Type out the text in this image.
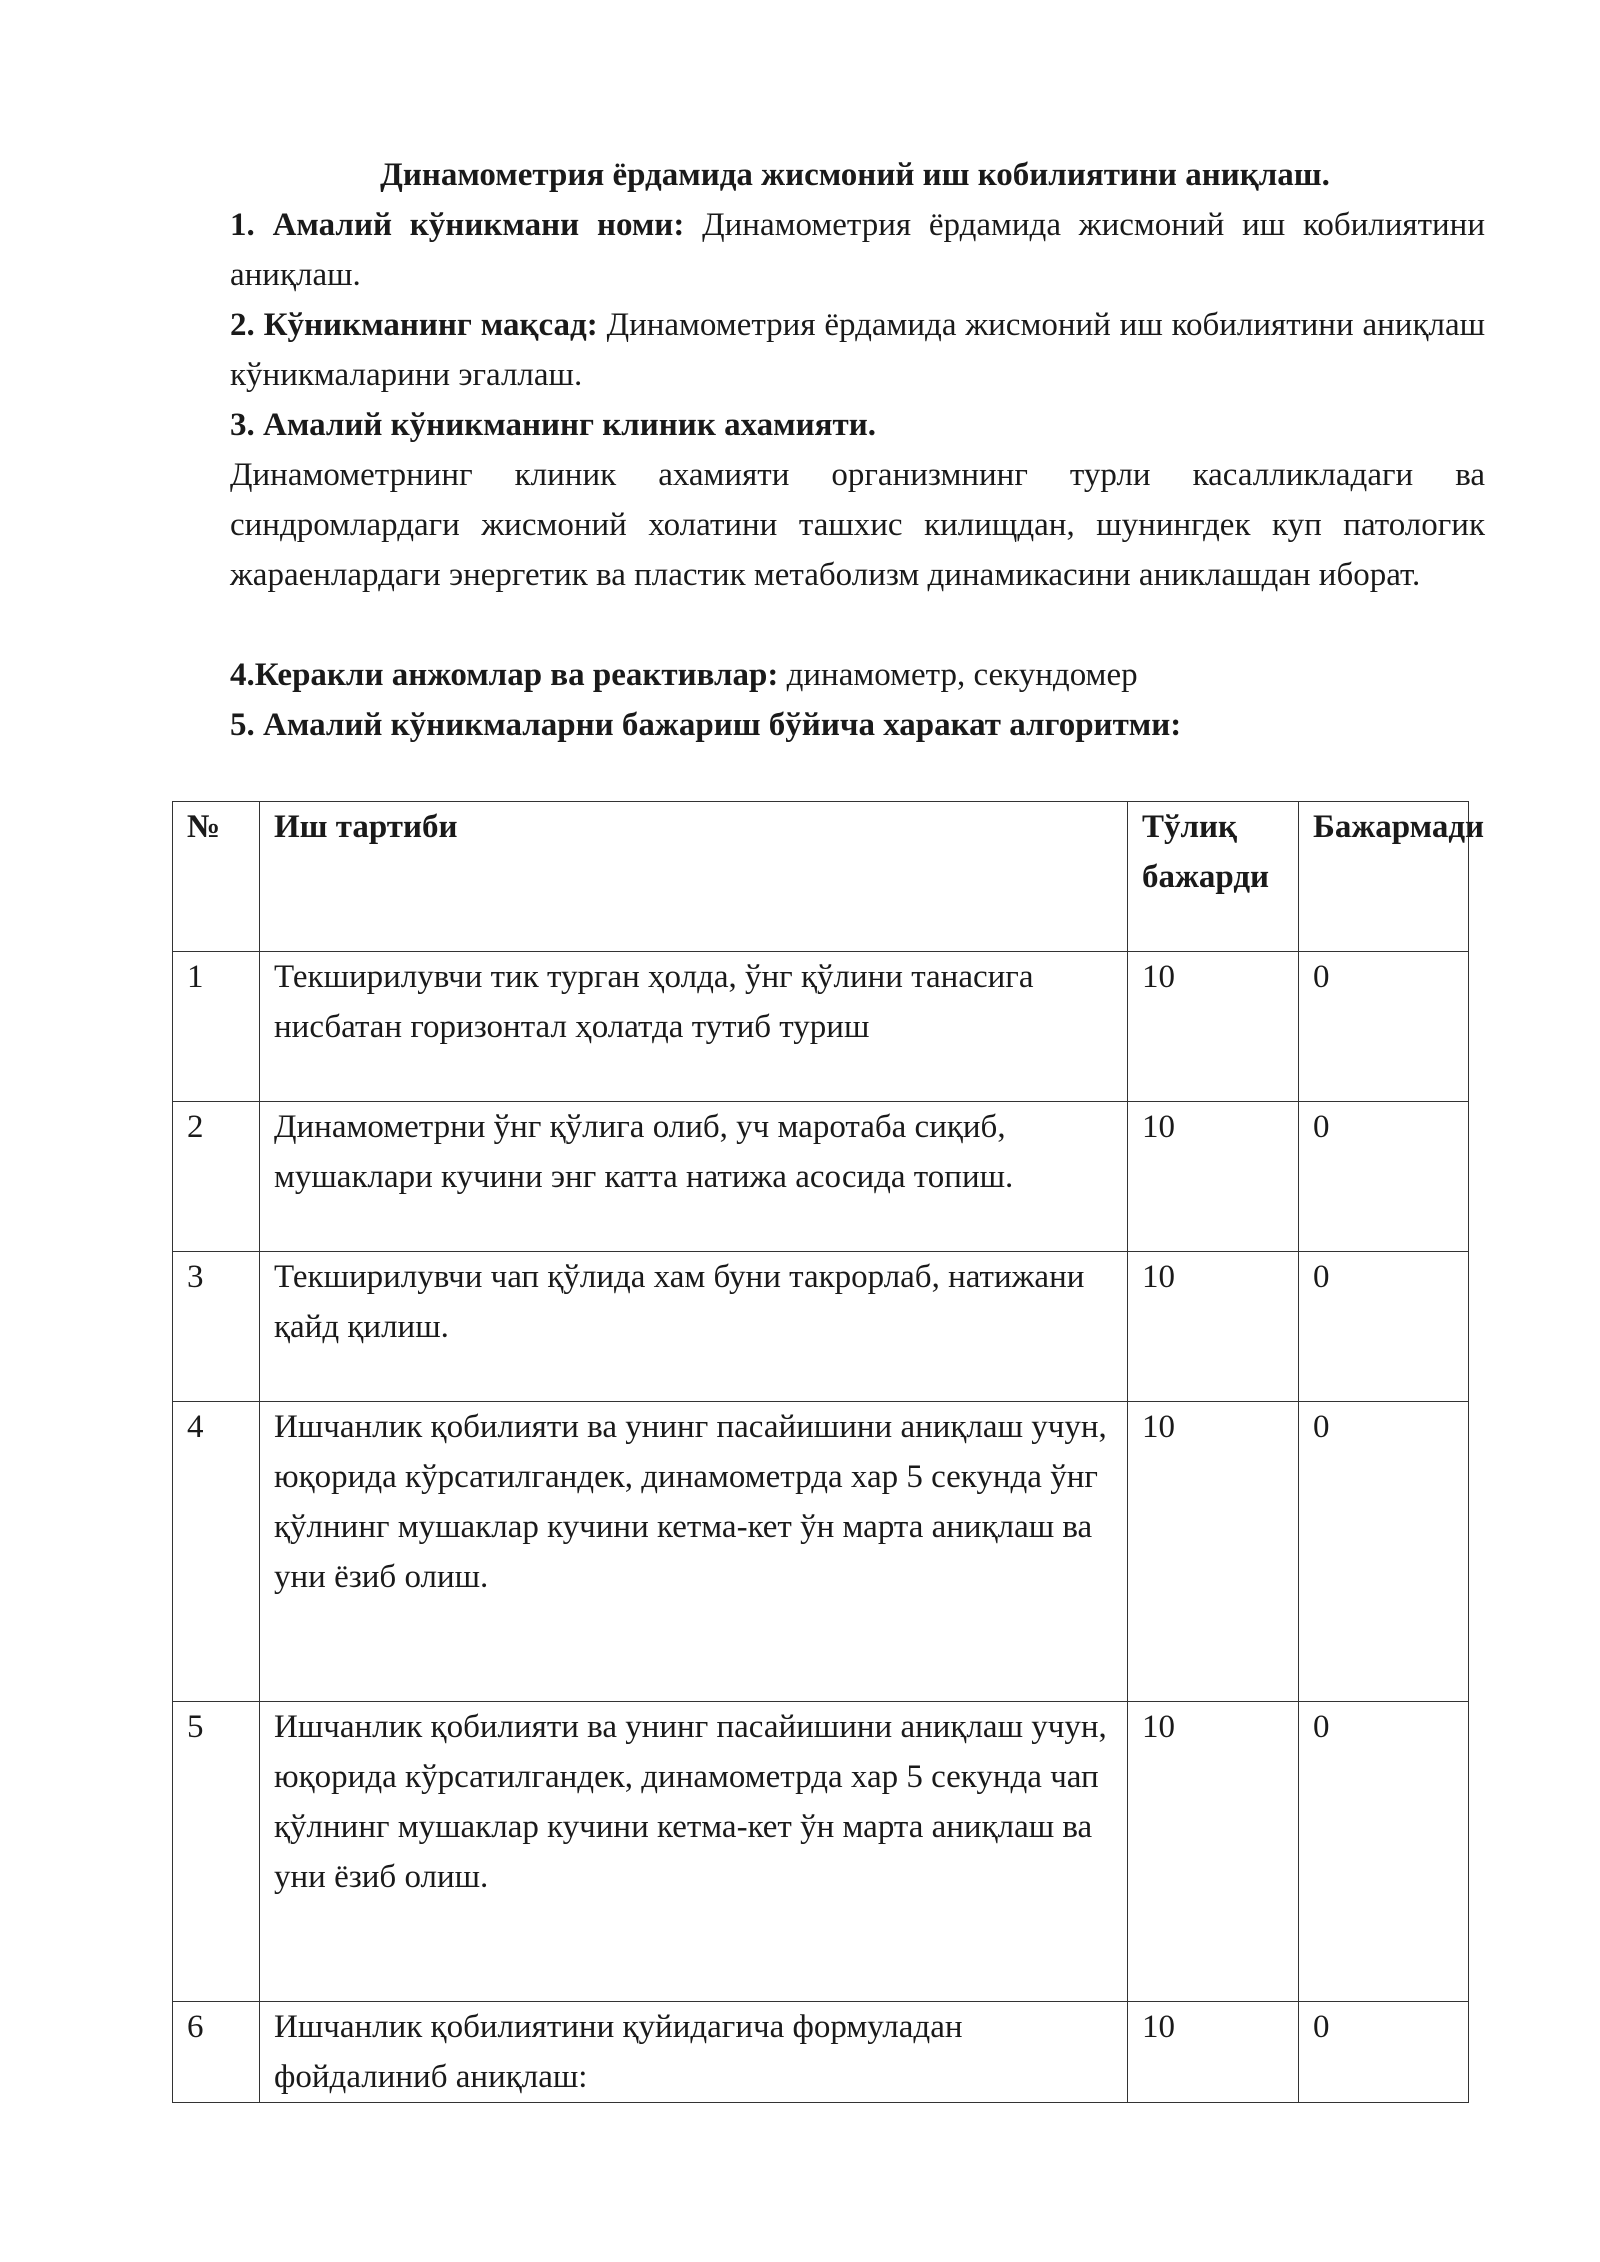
Динамометрия ёрдамида жисмоний иш кобилиятини аниқлаш.
1. Амалий кўникмани номи: Динамометрия ёрдамида жисмоний иш кобилиятини аниқлаш.
2. Кўникманинг мақсад: Динамометрия ёрдамида жисмоний иш кобилиятини аниқлаш кўникмаларини эгаллаш.
3. Амалий кўникманинг клиник ахамияти.
Динамометрнинг клиник ахамияти организмнинг турли касалликладаги ва синдромлардаги жисмоний холатини ташхис килищдан, шунингдек куп патологик жараенлардаги энергетик ва пластик метаболизм динамикасини аниклашдан иборат.
4.Керакли анжомлар ва реактивлар: динамометр, секундомер
5. Амалий кўникмаларни бажариш бўйича харакат алгоритми:
№	Иш тартиби	Тўлиқ бажарди	Бажармади
1	Текширилувчи тик турган ҳолда, ўнг қўлини танасига нисбатан горизонтал ҳолатда тутиб туриш	10	0
2	Динамометрни ўнг қўлига олиб, уч маротаба сиқиб, мушаклари кучини энг катта натижа асосида топиш.	10	0
3	Текширилувчи чап қўлида хам буни такрорлаб, натижани қайд қилиш.	10	0
4	Ишчанлик қобилияти ва унинг пасайишини аниқлаш учун, юқорида кўрсатилгандек, динамометрда хар 5 секунда ўнг қўлнинг мушаклар кучини кетма-кет ўн марта аниқлаш ва уни ёзиб олиш.	10	0
5	Ишчанлик қобилияти ва унинг пасайишини аниқлаш учун, юқорида кўрсатилгандек, динамометрда хар 5 секунда чап қўлнинг мушаклар кучини кетма-кет ўн марта аниқлаш ва уни ёзиб олиш.	10	0
6	Ишчанлик қобилиятини қуйидагича формуладан фойдалиниб аниқлаш:	10	0
